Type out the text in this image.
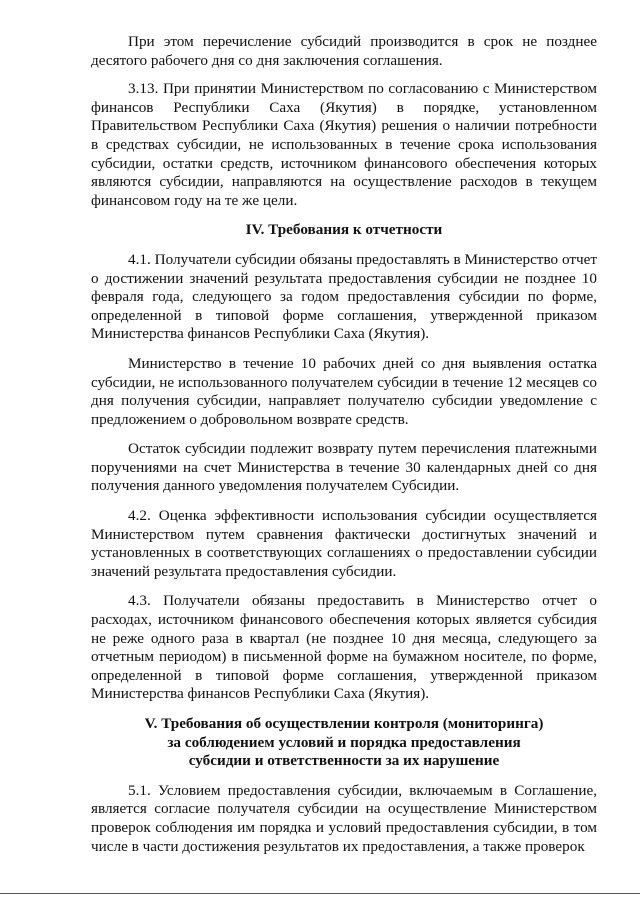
При этом перечисление субсидий производится в срок не позднее десятого рабочего дня со дня заключения соглашения.

3.13. При принятии Министерством по согласованию с Министерством финансов Республики Саха (Якутия) в порядке, установленном Правительством Республики Саха (Якутия) решения о наличии потребности в средствах субсидии, не использованных в течение срока использования субсидии, остатки средств, источником финансового обеспечения которых являются субсидии, направляются на осуществление расходов в текущем финансовом году на те же цели.

IV. Требования к отчетности

4.1. Получатели субсидии обязаны предоставлять в Министерство отчет о достижении значений результата предоставления субсидии не позднее 10 февраля года, следующего за годом предоставления субсидии по форме, определенной в типовой форме соглашения, утвержденной приказом Министерства финансов Республики Саха (Якутия).

Министерство в течение 10 рабочих дней со дня выявления остатка субсидии, не использованного получателем субсидии в течение 12 месяцев со дня получения субсидии, направляет получателю субсидии уведомление с предложением о добровольном возврате средств.

Остаток субсидии подлежит возврату путем перечисления платежными поручениями на счет Министерства в течение 30 календарных дней со дня получения данного уведомления получателем Субсидии.

4.2. Оценка эффективности использования субсидии осуществляется Министерством путем сравнения фактически достигнутых значений и установленных в соответствующих соглашениях о предоставлении субсидии значений результата предоставления субсидии.

4.3. Получатели обязаны предоставить в Министерство отчет о расходах, источником финансового обеспечения которых является субсидия не реже одного раза в квартал (не позднее 10 дня месяца, следующего за отчетным периодом) в письменной форме на бумажном носителе, по форме, определенной в типовой форме соглашения, утвержденной приказом Министерства финансов Республики Саха (Якутия).

V. Требования об осуществлении контроля (мониторинга)
за соблюдением условий и порядка предоставления
субсидии и ответственности за их нарушение

5.1. Условием предоставления субсидии, включаемым в Соглашение, является согласие получателя субсидии на осуществление Министерством проверок соблюдения им порядка и условий предоставления субсидии, в том числе в части достижения результатов их предоставления, а также проверок
